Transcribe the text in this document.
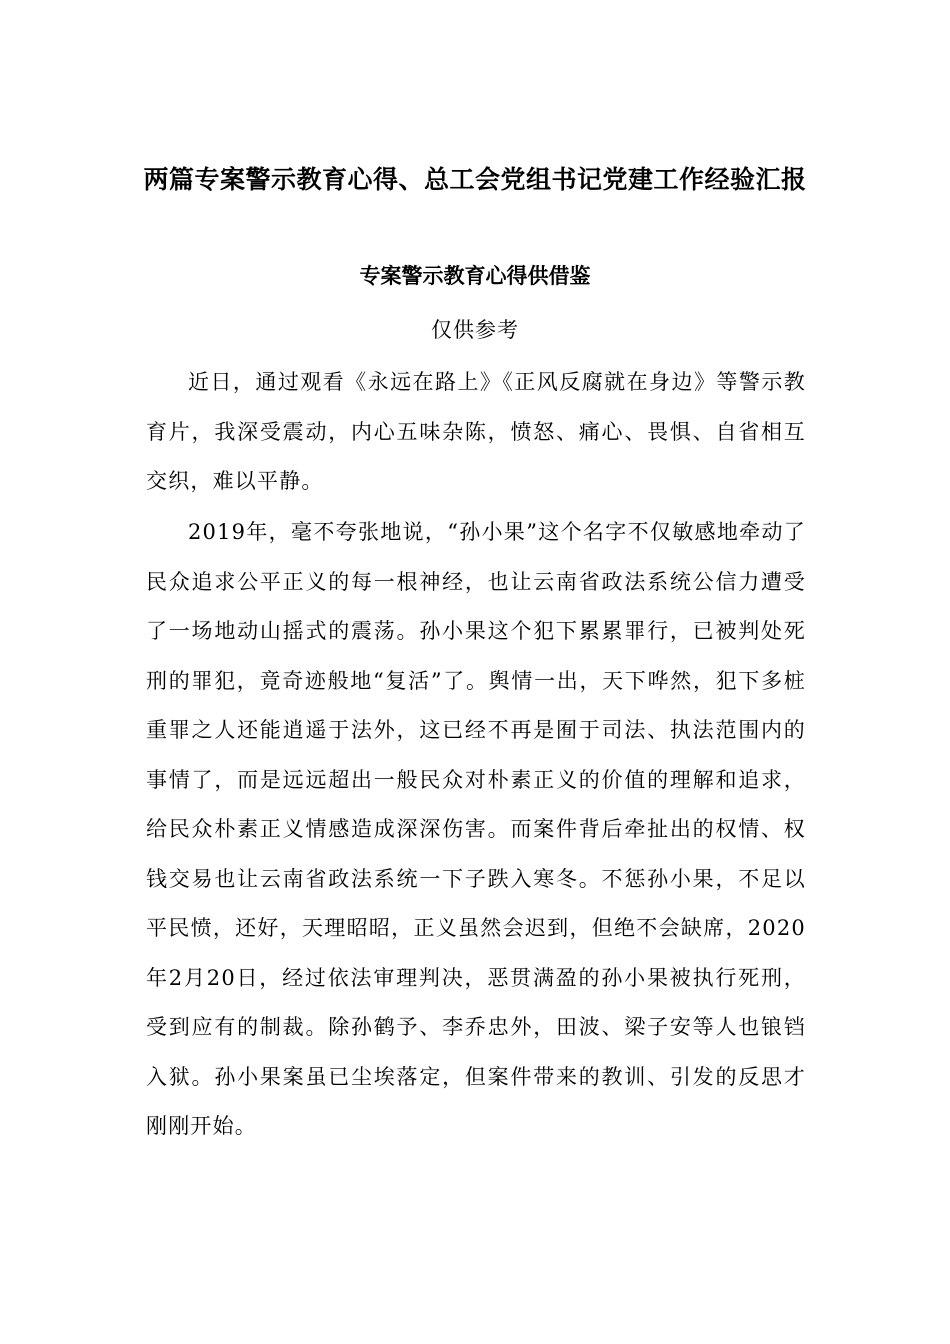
两篇专案警示教育心得、总工会党组书记党建工作经验汇报
专案警示教育心得供借鉴
仅供参考

近日，通过观看《永远在路上》《正风反腐就在身边》等警示教育片，我深受震动，内心五味杂陈，愤怒、痛心、畏惧、自省相互交织，难以平静。

2019年，毫不夸张地说，“孙小果”这个名字不仅敏感地牵动了民众追求公平正义的每一根神经，也让云南省政法系统公信力遭受了一场地动山摇式的震荡。孙小果这个犯下累累罪行，已被判处死刑的罪犯，竟奇迹般地“复活”了。舆情一出，天下哗然，犯下多桩重罪之人还能逍遥于法外，这已经不再是囿于司法、执法范围内的事情了，而是远远超出一般民众对朴素正义的价值的理解和追求，给民众朴素正义情感造成深深伤害。而案件背后牵扯出的权情、权钱交易也让云南省政法系统一下子跌入寒冬。不惩孙小果，不足以平民愤，还好，天理昭昭，正义虽然会迟到，但绝不会缺席，2020年2月20日，经过依法审理判决，恶贯满盈的孙小果被执行死刑，受到应有的制裁。除孙鹤予、李乔忠外，田波、梁子安等人也锒铛入狱。孙小果案虽已尘埃落定，但案件带来的教训、引发的反思才刚刚开始。
